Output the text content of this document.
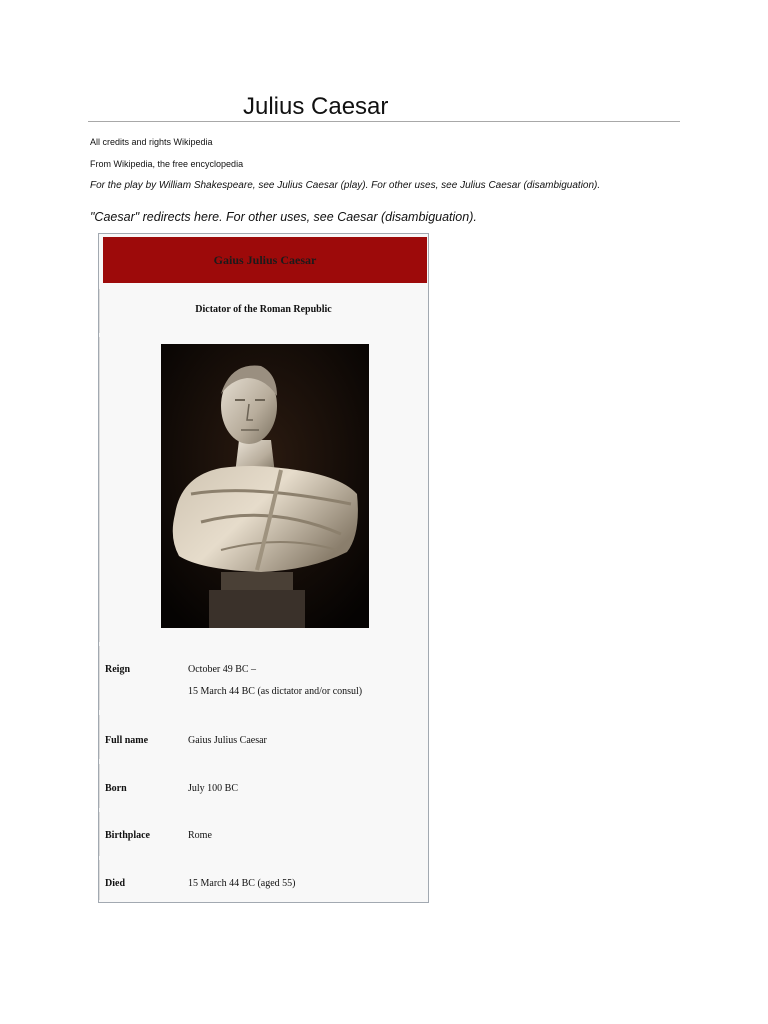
Julius Caesar
All credits and rights Wikipedia
From Wikipedia, the free encyclopedia
For the play by William Shakespeare, see Julius Caesar (play). For other uses, see Julius Caesar (disambiguation).
"Caesar" redirects here. For other uses, see Caesar (disambiguation).
Gaius Julius Caesar
Dictator of the Roman Republic
Reign	October 49 BC –
15 March 44 BC (as dictator and/or consul)
Full name	Gaius Julius Caesar
Born	July 100 BC
Birthplace	Rome
Died	15 March 44 BC (aged 55)
